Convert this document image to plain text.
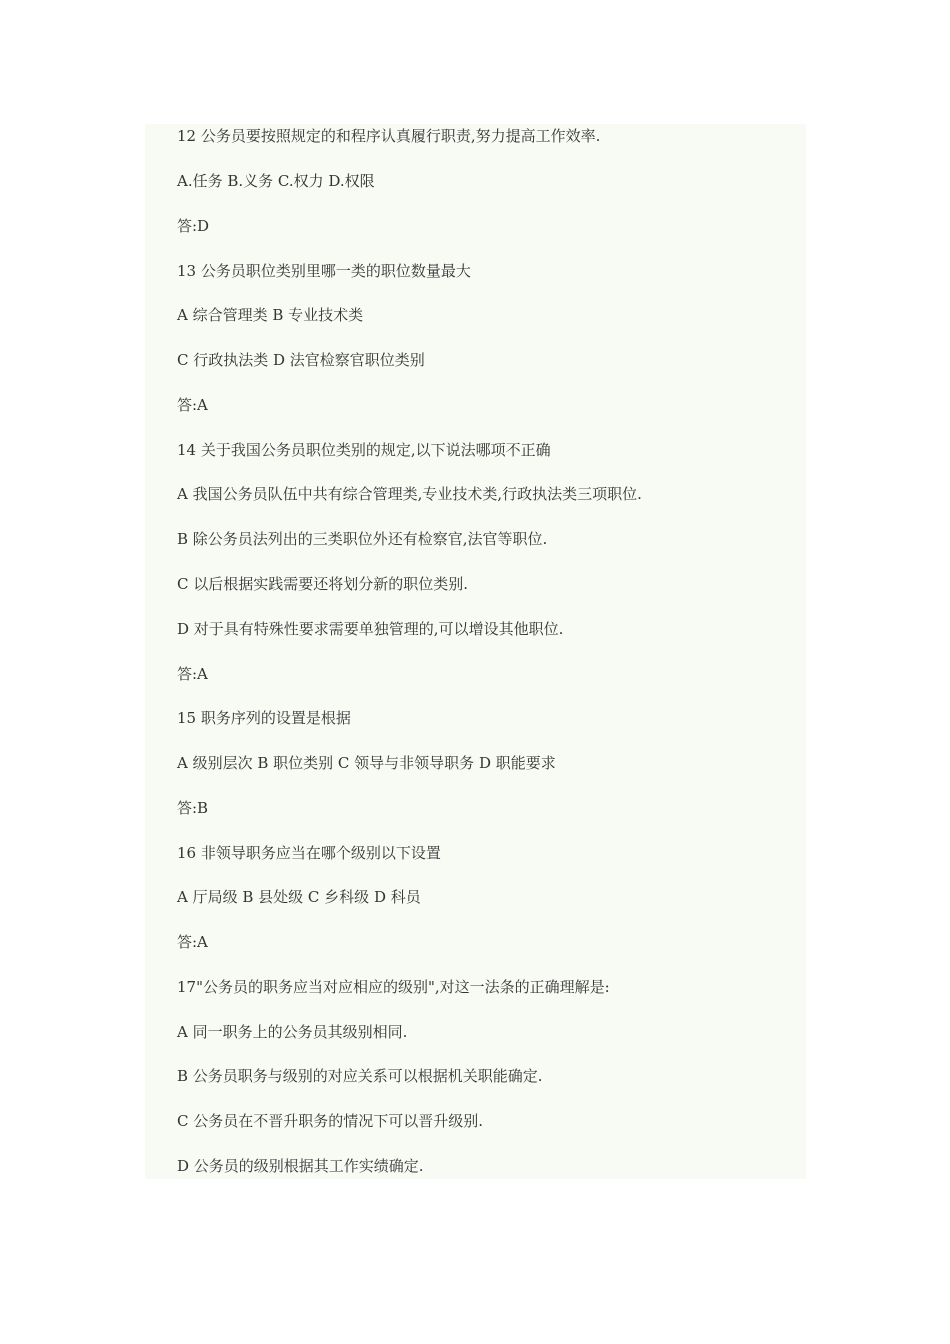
12 公务员要按照规定的和程序认真履行职责,努力提高工作效率.
A.任务 B.义务 C.权力 D.权限
答:D
13 公务员职位类别里哪一类的职位数量最大
A 综合管理类 B 专业技术类
C 行政执法类 D 法官检察官职位类别
答:A
14 关于我国公务员职位类别的规定,以下说法哪项不正确
A 我国公务员队伍中共有综合管理类,专业技术类,行政执法类三项职位.
B 除公务员法列出的三类职位外还有检察官,法官等职位.
C 以后根据实践需要还将划分新的职位类别.
D 对于具有特殊性要求需要单独管理的,可以增设其他职位.
答:A
15 职务序列的设置是根据
A 级别层次 B 职位类别 C 领导与非领导职务 D 职能要求
答:B
16 非领导职务应当在哪个级别以下设置
A 厅局级 B 县处级 C 乡科级 D 科员
答:A
17"公务员的职务应当对应相应的级别",对这一法条的正确理解是:
A 同一职务上的公务员其级别相同.
B 公务员职务与级别的对应关系可以根据机关职能确定.
C 公务员在不晋升职务的情况下可以晋升级别.
D 公务员的级别根据其工作实绩确定.
